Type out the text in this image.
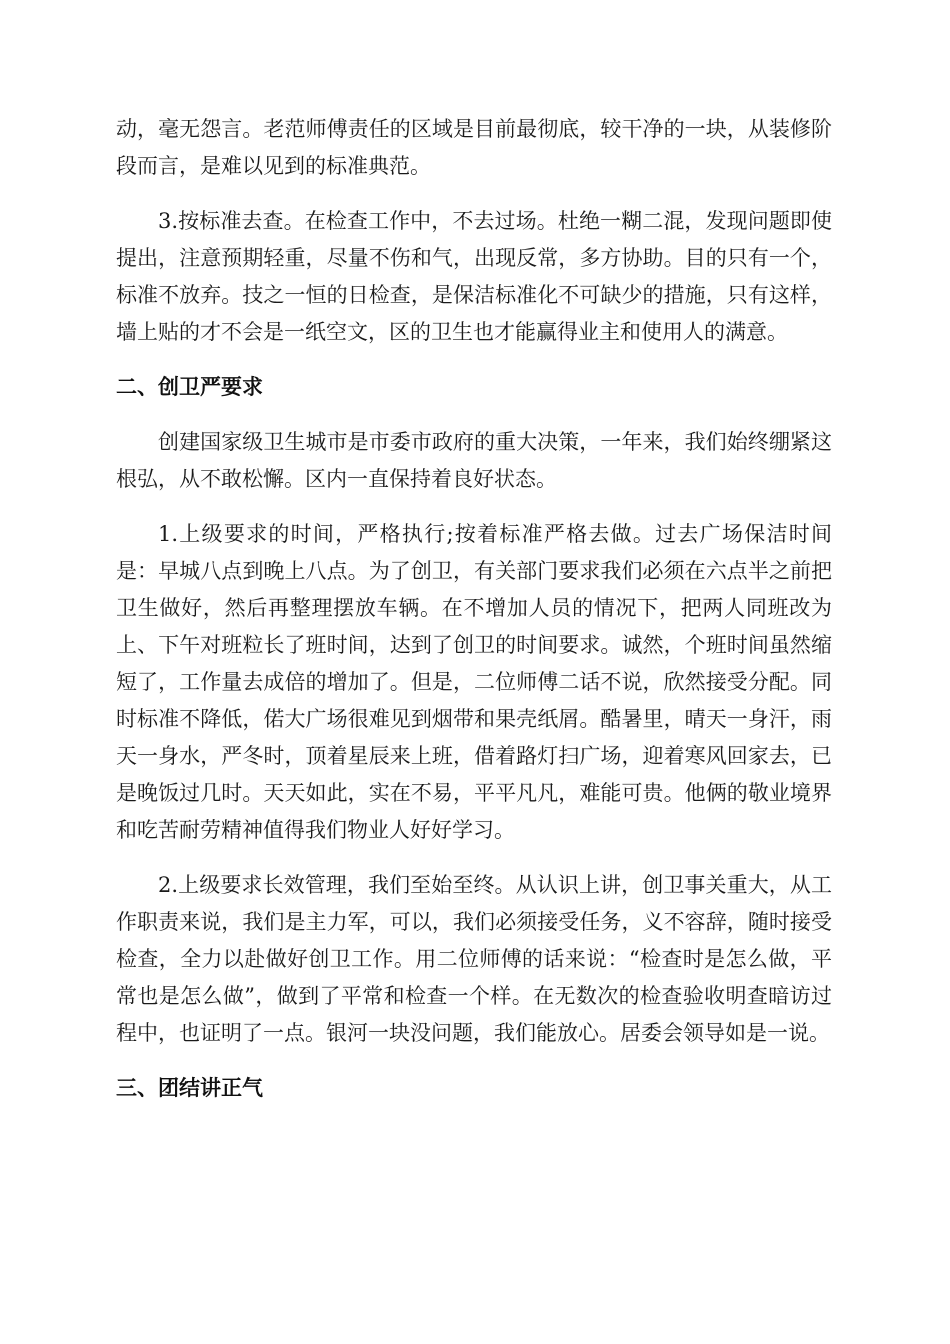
动，毫无怨言。老范师傅责任的区域是目前最彻底，较干净的一块，从装修阶段而言，是难以见到的标准典范。

3.按标准去查。在检查工作中，不去过场。杜绝一糊二混，发现问题即使提出，注意预期轻重，尽量不伤和气，出现反常，多方协助。目的只有一个，标准不放弃。技之一恒的日检查，是保洁标准化不可缺少的措施，只有这样，墙上贴的才不会是一纸空文，区的卫生也才能赢得业主和使用人的满意。

二、创卫严要求

创建国家级卫生城市是市委市政府的重大决策，一年来，我们始终绷紧这根弘，从不敢松懈。区内一直保持着良好状态。

1.上级要求的时间，严格执行;按着标准严格去做。过去广场保洁时间是：早城八点到晚上八点。为了创卫，有关部门要求我们必须在六点半之前把卫生做好，然后再整理摆放车辆。在不增加人员的情况下，把两人同班改为上、下午对班粒长了班时间，达到了创卫的时间要求。诚然，个班时间虽然缩短了，工作量去成倍的增加了。但是，二位师傅二话不说，欣然接受分配。同时标准不降低，偌大广场很难见到烟带和果壳纸屑。酷暑里，晴天一身汗，雨天一身水，严冬时，顶着星辰来上班，借着路灯扫广场，迎着寒风回家去，已是晚饭过几时。天天如此，实在不易，平平凡凡，难能可贵。他俩的敬业境界和吃苦耐劳精神值得我们物业人好好学习。

2.上级要求长效管理，我们至始至终。从认识上讲，创卫事关重大，从工作职责来说，我们是主力军，可以，我们必须接受任务，义不容辞，随时接受检查，全力以赴做好创卫工作。用二位师傅的话来说：“检查时是怎么做，平常也是怎么做”，做到了平常和检查一个样。在无数次的检查验收明查暗访过程中，也证明了一点。银河一块没问题，我们能放心。居委会领导如是一说。

三、团结讲正气
